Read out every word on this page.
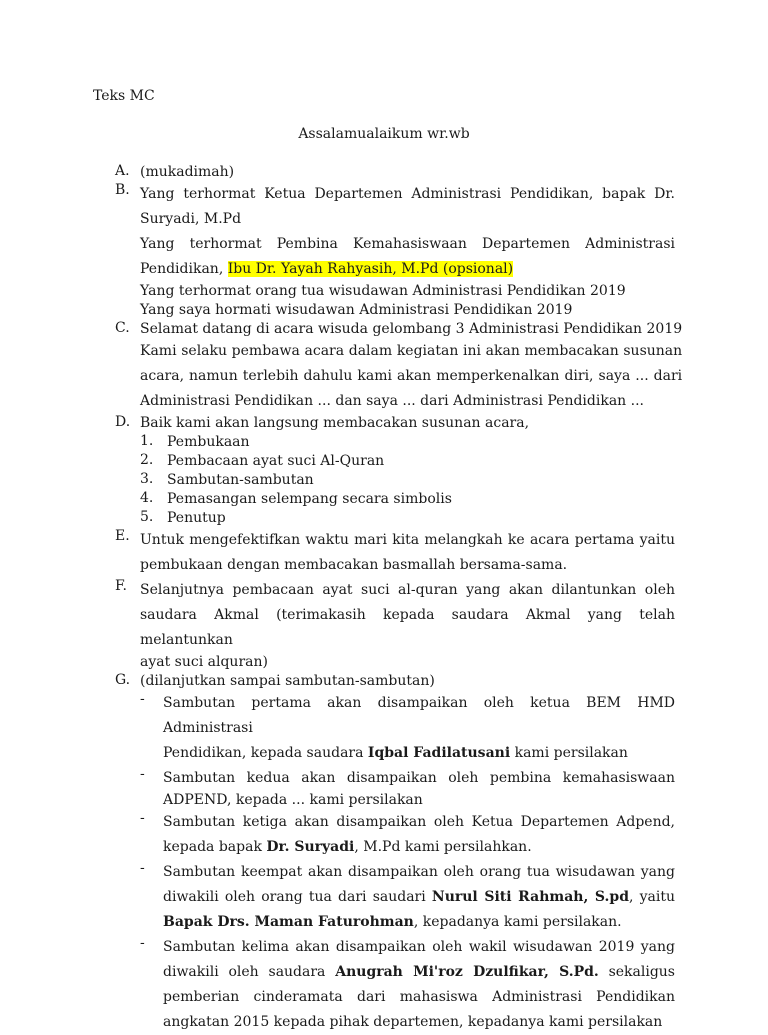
Teks MC
Assalamualaikum wr.wb
A. (mukadimah)
B. Yang terhormat Ketua Departemen Administrasi Pendidikan, bapak Dr.
Suryadi, M.Pd
Yang terhormat Pembina Kemahasiswaan Departemen Administrasi
Pendidikan, Ibu Dr. Yayah Rahyasih, M.Pd (opsional)
Yang terhormat orang tua wisudawan Administrasi Pendidikan 2019
Yang saya hormati wisudawan Administrasi Pendidikan 2019
C. Selamat datang di acara wisuda gelombang 3 Administrasi Pendidikan 2019
Kami selaku pembawa acara dalam kegiatan ini akan membacakan susunan
acara, namun terlebih dahulu kami akan memperkenalkan diri, saya ... dari
Administrasi Pendidikan ... dan saya ... dari Administrasi Pendidikan ...
D. Baik kami akan langsung membacakan susunan acara,
1. Pembukaan
2. Pembacaan ayat suci Al-Quran
3. Sambutan-sambutan
4. Pemasangan selempang secara simbolis
5. Penutup
E. Untuk mengefektifkan waktu mari kita melangkah ke acara pertama yaitu
pembukaan dengan membacakan basmallah bersama-sama.
F. Selanjutnya pembacaan ayat suci al-quran yang akan dilantunkan oleh
saudara Akmal (terimakasih kepada saudara Akmal yang telah melantunkan
ayat suci alquran)
G. (dilanjutkan sampai sambutan-sambutan)
-	Sambutan pertama akan disampaikan oleh ketua BEM HMD Administrasi
Pendidikan, kepada saudara Iqbal Fadilatusani kami persilakan
-	Sambutan kedua akan disampaikan oleh pembina kemahasiswaan
ADPEND, kepada ... kami persilakan
-	Sambutan ketiga akan disampaikan oleh Ketua Departemen Adpend,
kepada bapak Dr. Suryadi, M.Pd kami persilahkan.
-	Sambutan keempat akan disampaikan oleh orang tua wisudawan yang
diwakili oleh orang tua dari saudari Nurul Siti Rahmah, S.pd, yaitu
Bapak Drs. Maman Faturohman, kepadanya kami persilakan.
-	Sambutan kelima akan disampaikan oleh wakil wisudawan 2019 yang
diwakili oleh saudara Anugrah Mi'roz Dzulfikar, S.Pd. sekaligus
pemberian cinderamata dari mahasiswa Administrasi Pendidikan
angkatan 2015 kepada pihak departemen, kepadanya kami persilakan
